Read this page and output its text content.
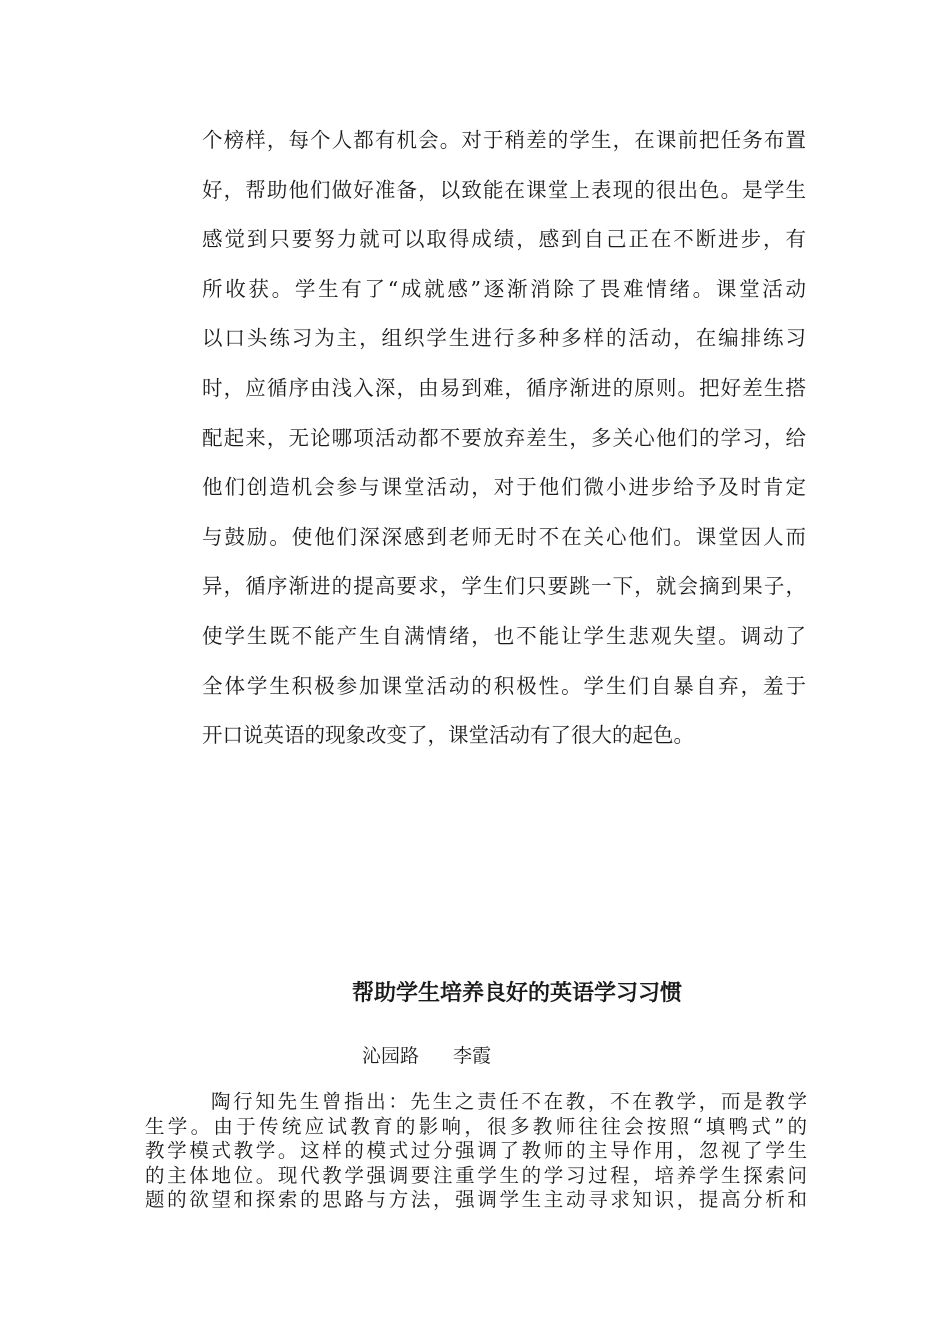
个榜样，每个人都有机会。对于稍差的学生，在课前把任务布置
好，帮助他们做好准备，以致能在课堂上表现的很出色。是学生
感觉到只要努力就可以取得成绩，感到自己正在不断进步，有
所收获。学生有了“成就感”逐渐消除了畏难情绪。课堂活动
以口头练习为主，组织学生进行多种多样的活动，在编排练习
时，应循序由浅入深，由易到难，循序渐进的原则。把好差生搭
配起来，无论哪项活动都不要放弃差生，多关心他们的学习，给
他们创造机会参与课堂活动，对于他们微小进步给予及时肯定
与鼓励。使他们深深感到老师无时不在关心他们。课堂因人而
异，循序渐进的提高要求，学生们只要跳一下，就会摘到果子，
使学生既不能产生自满情绪，也不能让学生悲观失望。调动了
全体学生积极参加课堂活动的积极性。学生们自暴自弃，羞于
开口说英语的现象改变了，课堂活动有了很大的起色。
帮助学生培养良好的英语学习习惯

沁园路 李霞

陶行知先生曾指出：先生之责任不在教，不在教学，而是教学
生学。由于传统应试教育的影响，很多教师往往会按照“填鸭式”的
教学模式教学。这样的模式过分强调了教师的主导作用，忽视了学生
的主体地位。现代教学强调要注重学生的学习过程，培养学生探索问
题的欲望和探索的思路与方法，强调学生主动寻求知识，提高分析和
